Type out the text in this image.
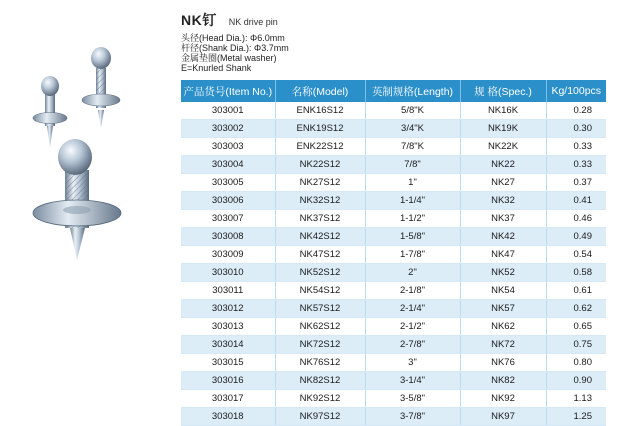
NK钉 NK drive pin
头径(Head Dia.): Φ6.0mm
杆径(Shank Dia.): Φ3.7mm
金属垫圈(Metal washer)
E=Knurled Shank
产品货号(Item No.)	名称(Model)	英制规格(Length)	规 格(Spec.)	Kg/100pcs
303001	ENK16S12	5/8"K	NK16K	0.28
303002	ENK19S12	3/4"K	NK19K	0.30
303003	ENK22S12	7/8"K	NK22K	0.33
303004	NK22S12	7/8"	NK22	0.33
303005	NK27S12	1"	NK27	0.37
303006	NK32S12	1-1/4"	NK32	0.41
303007	NK37S12	1-1/2"	NK37	0.46
303008	NK42S12	1-5/8"	NK42	0.49
303009	NK47S12	1-7/8"	NK47	0.54
303010	NK52S12	2"	NK52	0.58
303011	NK54S12	2-1/8"	NK54	0.61
303012	NK57S12	2-1/4"	NK57	0.62
303013	NK62S12	2-1/2"	NK62	0.65
303014	NK72S12	2-7/8"	NK72	0.75
303015	NK76S12	3"	NK76	0.80
303016	NK82S12	3-1/4"	NK82	0.90
303017	NK92S12	3-5/8"	NK92	1.13
303018	NK97S12	3-7/8"	NK97	1.25
